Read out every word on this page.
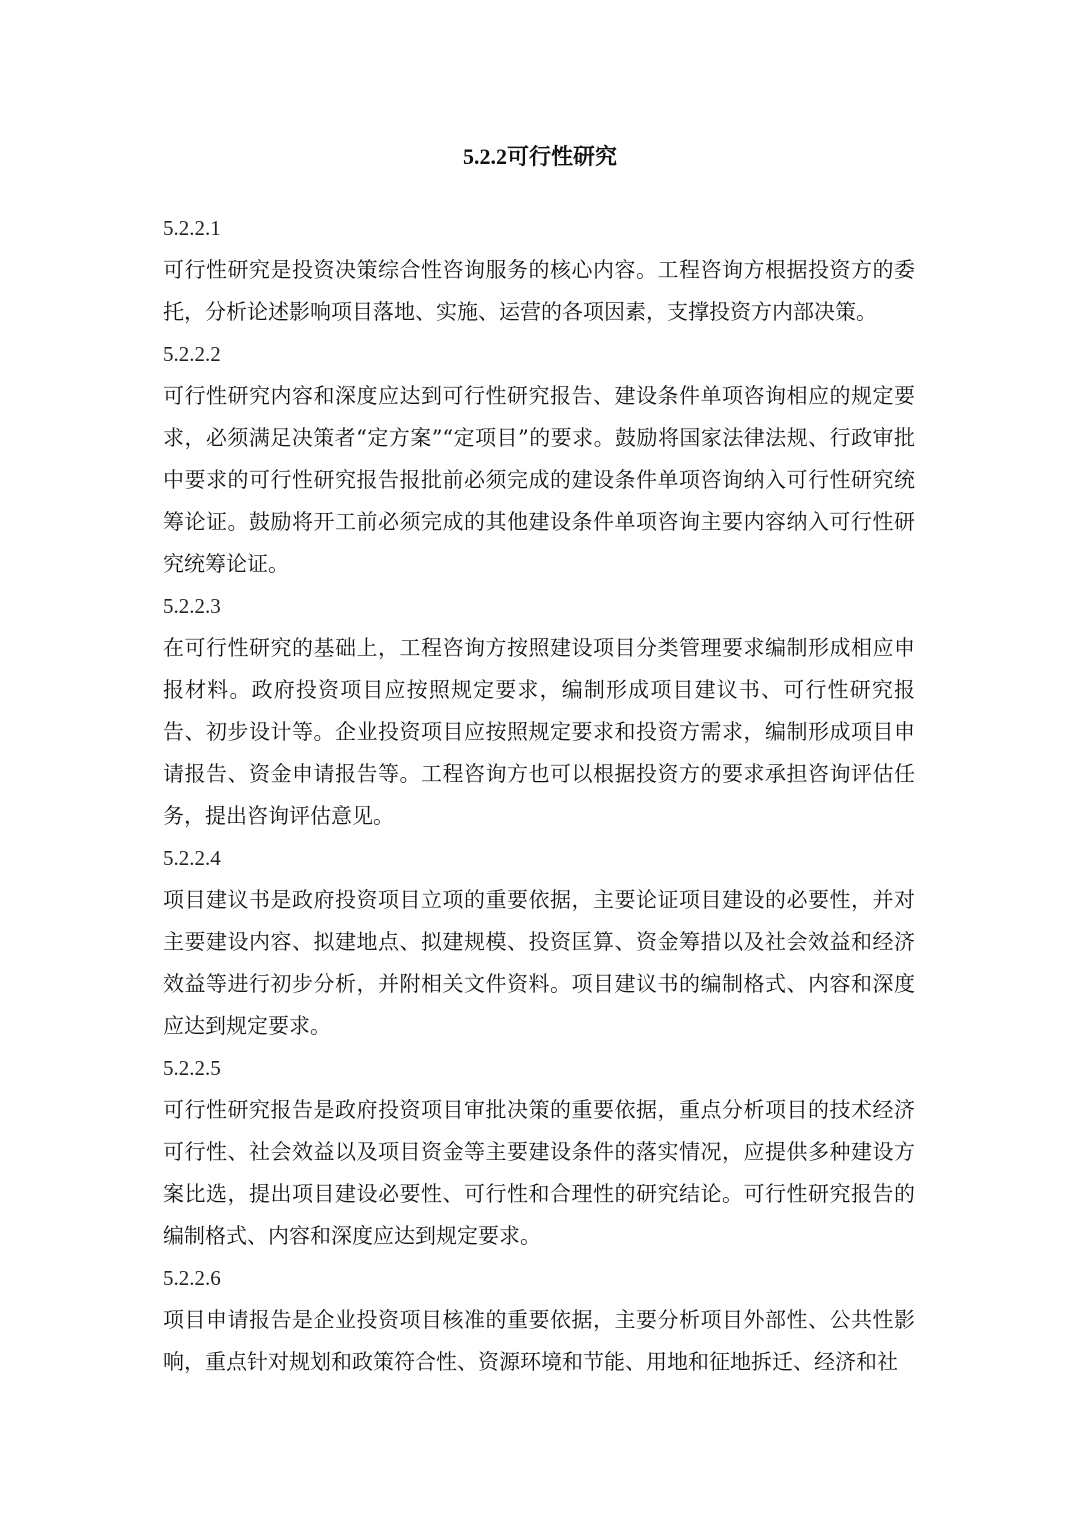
5.2.2可行性研究
5.2.2.1

可行性研究是投资决策综合性咨询服务的核心内容。工程咨询方根据投资方的委托，分析论述影响项目落地、实施、运营的各项因素，支撑投资方内部决策。

5.2.2.2

可行性研究内容和深度应达到可行性研究报告、建设条件单项咨询相应的规定要求，必须满足决策者“定方案”“定项目”的要求。鼓励将国家法律法规、行政审批中要求的可行性研究报告报批前必须完成的建设条件单项咨询纳入可行性研究统筹论证。鼓励将开工前必须完成的其他建设条件单项咨询主要内容纳入可行性研究统筹论证。

5.2.2.3

在可行性研究的基础上，工程咨询方按照建设项目分类管理要求编制形成相应申报材料。政府投资项目应按照规定要求，编制形成项目建议书、可行性研究报告、初步设计等。企业投资项目应按照规定要求和投资方需求，编制形成项目申请报告、资金申请报告等。工程咨询方也可以根据投资方的要求承担咨询评估任务，提出咨询评估意见。

5.2.2.4

项目建议书是政府投资项目立项的重要依据，主要论证项目建设的必要性，并对主要建设内容、拟建地点、拟建规模、投资匡算、资金筹措以及社会效益和经济效益等进行初步分析，并附相关文件资料。项目建议书的编制格式、内容和深度应达到规定要求。

5.2.2.5

可行性研究报告是政府投资项目审批决策的重要依据，重点分析项目的技术经济可行性、社会效益以及项目资金等主要建设条件的落实情况，应提供多种建设方案比选，提出项目建设必要性、可行性和合理性的研究结论。可行性研究报告的编制格式、内容和深度应达到规定要求。

5.2.2.6

项目申请报告是企业投资项目核准的重要依据，主要分析项目外部性、公共性影响，重点针对规划和政策符合性、资源环境和节能、用地和征地拆迁、经济和社
